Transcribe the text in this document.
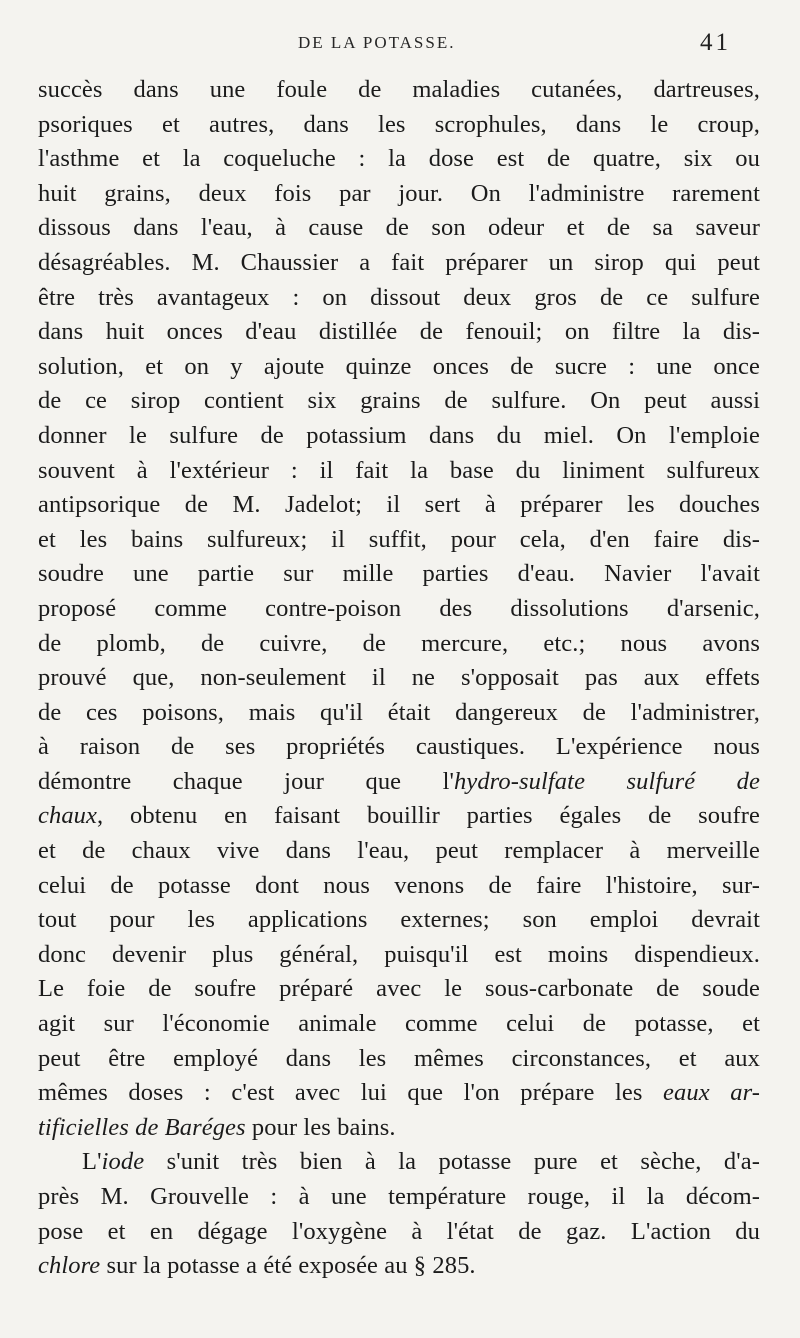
DE LA POTASSE.	41
succès dans une foule de maladies cutanées, dartreuses,
psoriques et autres, dans les scrophules, dans le croup,
l'asthme et la coqueluche : la dose est de quatre, six ou
huit grains, deux fois par jour. On l'administre rarement
dissous dans l'eau, à cause de son odeur et de sa saveur
désagréables. M. Chaussier a fait préparer un sirop qui peut
être très avantageux : on dissout deux gros de ce sulfure
dans huit onces d'eau distillée de fenouil; on filtre la dis-
solution, et on y ajoute quinze onces de sucre : une once
de ce sirop contient six grains de sulfure. On peut aussi
donner le sulfure de potassium dans du miel. On l'emploie
souvent à l'extérieur : il fait la base du liniment sulfureux
antipsorique de M. Jadelot; il sert à préparer les douches
et les bains sulfureux; il suffit, pour cela, d'en faire dis-
soudre une partie sur mille parties d'eau. Navier l'avait
proposé comme contre-poison des dissolutions d'arsenic,
de plomb, de cuivre, de mercure, etc.; nous avons
prouvé que, non-seulement il ne s'opposait pas aux effets
de ces poisons, mais qu'il était dangereux de l'administrer,
à raison de ses propriétés caustiques. L'expérience nous
démontre chaque jour que l'hydro-sulfate sulfuré de
chaux, obtenu en faisant bouillir parties égales de soufre
et de chaux vive dans l'eau, peut remplacer à merveille
celui de potasse dont nous venons de faire l'histoire, sur-
tout pour les applications externes; son emploi devrait
donc devenir plus général, puisqu'il est moins dispendieux.
Le foie de soufre préparé avec le sous-carbonate de soude
agit sur l'économie animale comme celui de potasse, et
peut être employé dans les mêmes circonstances, et aux
mêmes doses : c'est avec lui que l'on prépare les eaux ar-
tificielles de Baréges pour les bains.
L'iode s'unit très bien à la potasse pure et sèche, d'a-
près M. Grouvelle : à une température rouge, il la décom-
pose et en dégage l'oxygène à l'état de gaz. L'action du
chlore sur la potasse a été exposée au § 285.
